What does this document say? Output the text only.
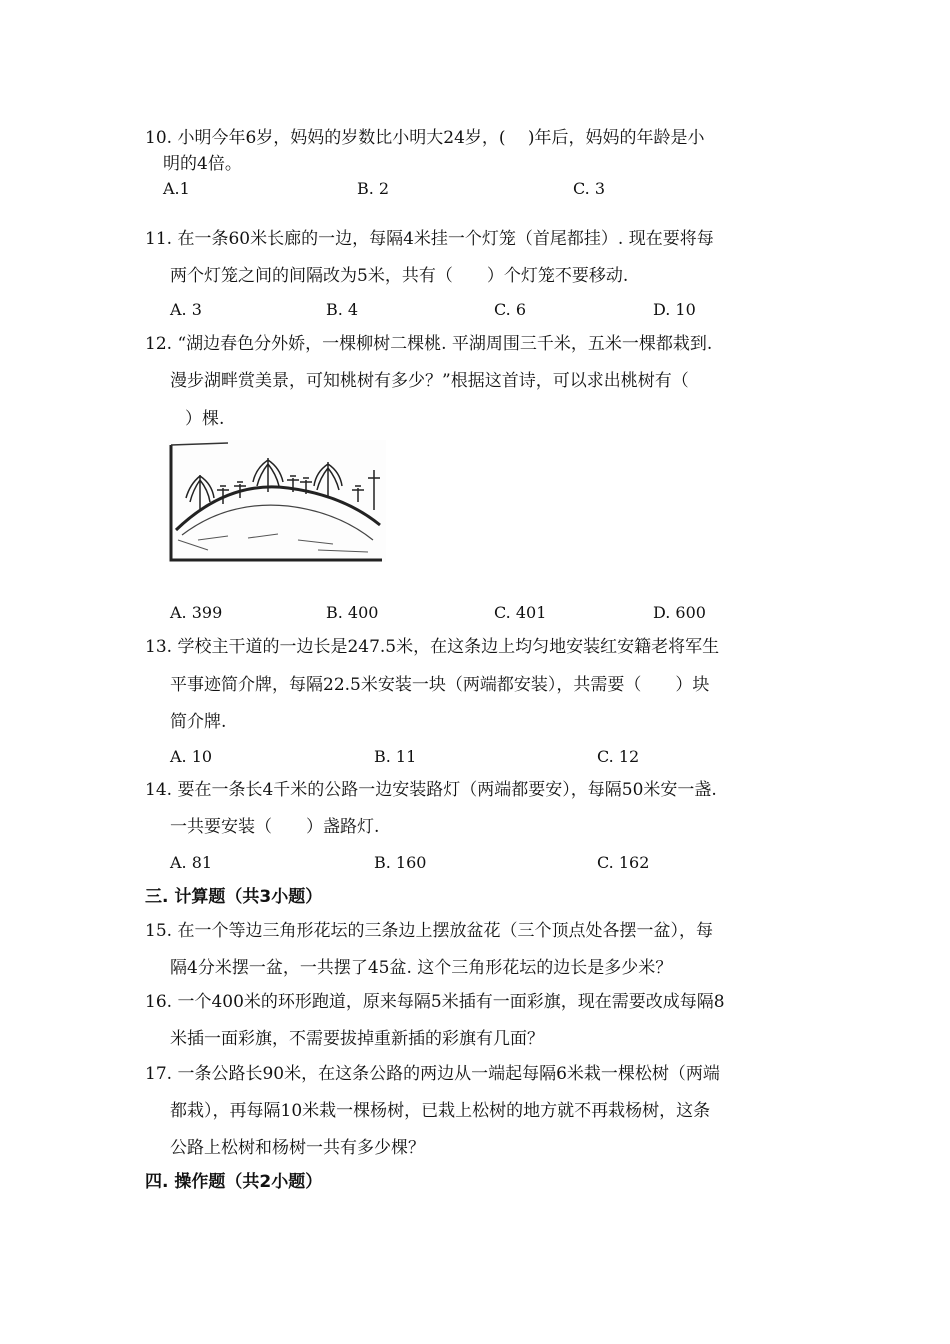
10. 小明今年6岁，妈妈的岁数比小明大24岁，(　 )年后，妈妈的年龄是小
明的4倍。
A.1	B. 2	C. 3
11. 在一条60米长廊的一边，每隔4米挂一个灯笼（首尾都挂）. 现在要将每
两个灯笼之间的间隔改为5米，共有（　　）个灯笼不要移动.
A. 3	B. 4	C. 6	D. 10
12. “湖边春色分外娇，一棵柳树二棵桃. 平湖周围三千米，五米一棵都栽到.
漫步湖畔赏美景，可知桃树有多少？”根据这首诗，可以求出桃树有（
）棵.
A. 399	B. 400	C. 401	D. 600
13. 学校主干道的一边长是247.5米，在这条边上均匀地安装红安籍老将军生
平事迹简介牌，每隔22.5米安装一块（两端都安装），共需要（　　）块
简介牌.
A. 10	B. 11	C. 12
14. 要在一条长4千米的公路一边安装路灯（两端都要安），每隔50米安一盏.
一共要安装（　　）盏路灯.
A. 81	B. 160	C. 162
三. 计算题（共3小题）
15. 在一个等边三角形花坛的三条边上摆放盆花（三个顶点处各摆一盆），每
隔4分米摆一盆，一共摆了45盆. 这个三角形花坛的边长是多少米？
16. 一个400米的环形跑道，原来每隔5米插有一面彩旗，现在需要改成每隔8
米插一面彩旗，不需要拔掉重新插的彩旗有几面？
17. 一条公路长90米，在这条公路的两边从一端起每隔6米栽一棵松树（两端
都栽），再每隔10米栽一棵杨树，已栽上松树的地方就不再栽杨树，这条
公路上松树和杨树一共有多少棵？
四. 操作题（共2小题）
